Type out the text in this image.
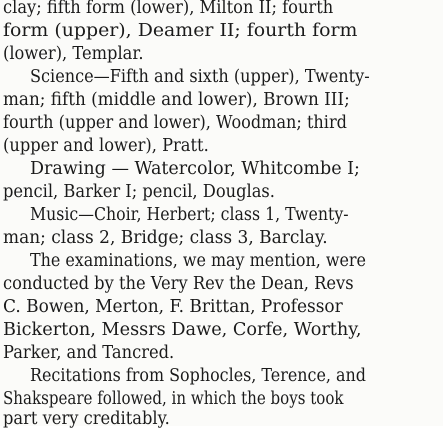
clay; fifth form (lower), Milton II; fourth
form (upper), Deamer II; fourth form
(lower), Templar.
Science—Fifth and sixth (upper), Twenty-
man; fifth (middle and lower), Brown III;
fourth (upper and lower), Woodman; third
(upper and lower), Pratt.
Drawing — Watercolor, Whitcombe I;
pencil, Barker I; pencil, Douglas.
Music—Choir, Herbert; class 1, Twenty-
man; class 2, Bridge; class 3, Barclay.
The examinations, we may mention, were
conducted by the Very Rev the Dean, Revs
C. Bowen, Merton, F. Brittan, Professor
Bickerton, Messrs Dawe, Corfe, Worthy,
Parker, and Tancred.
Recitations from Sophocles, Terence, and
Shakspeare followed, in which the boys took
part very creditably.
